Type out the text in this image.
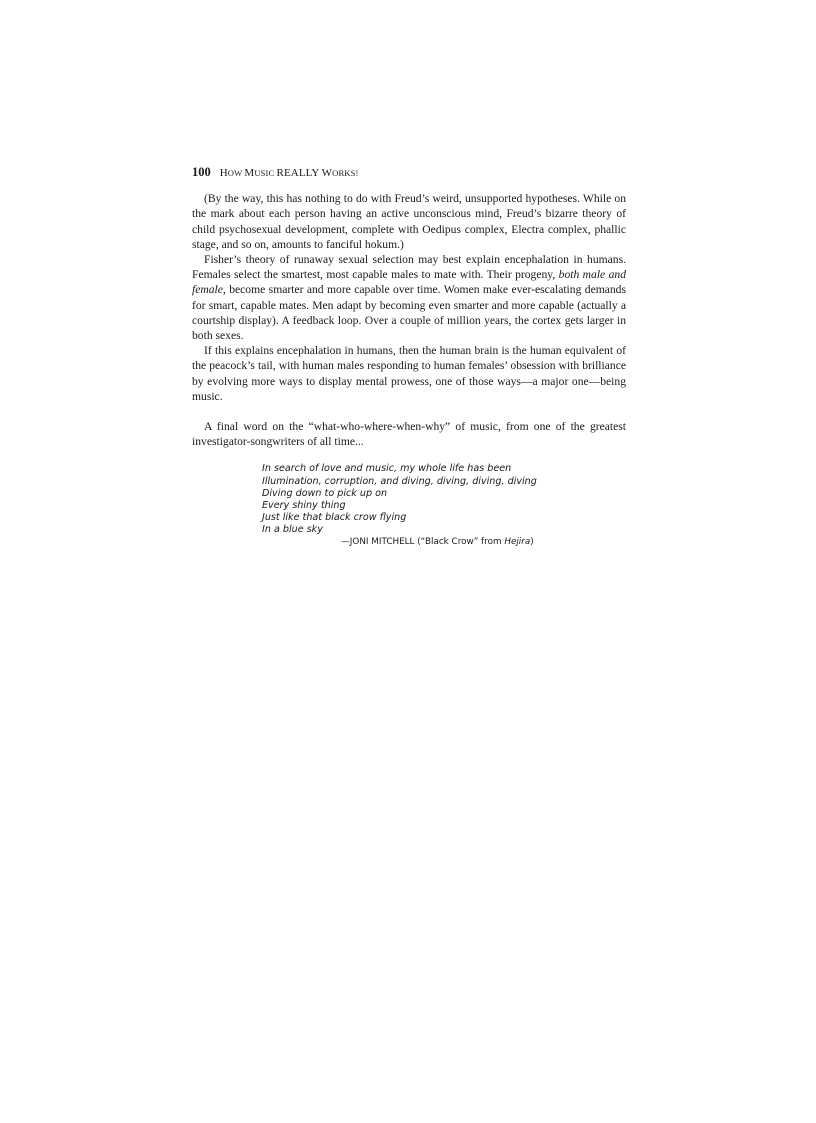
100 HOW MUSIC REALLY WORKS!

(By the way, this has nothing to do with Freud’s weird, unsupported hypotheses. While on the mark about each person having an active unconscious mind, Freud’s bizarre theory of child psychosexual development, complete with Oedipus complex, Electra complex, phallic stage, and so on, amounts to fanciful hokum.)

Fisher’s theory of runaway sexual selection may best explain encephalation in humans. Females select the smartest, most capable males to mate with. Their progeny, both male and female, become smarter and more capable over time. Women make ever-escalating demands for smart, capable mates. Men adapt by becoming even smarter and more capable (actually a courtship display). A feedback loop. Over a couple of million years, the cortex gets larger in both sexes.

If this explains encephalation in humans, then the human brain is the human equivalent of the peacock’s tail, with human males responding to human females’ obsession with brilliance by evolving more ways to display mental prowess, one of those ways—a major one—being music.

A final word on the “what-who-where-when-why” of music, from one of the greatest investigator-songwriters of all time...

In search of love and music, my whole life has been
Illumination, corruption, and diving, diving, diving, diving
Diving down to pick up on
Every shiny thing
Just like that black crow flying
In a blue sky
—JONI MITCHELL (“Black Crow” from Hejira)
